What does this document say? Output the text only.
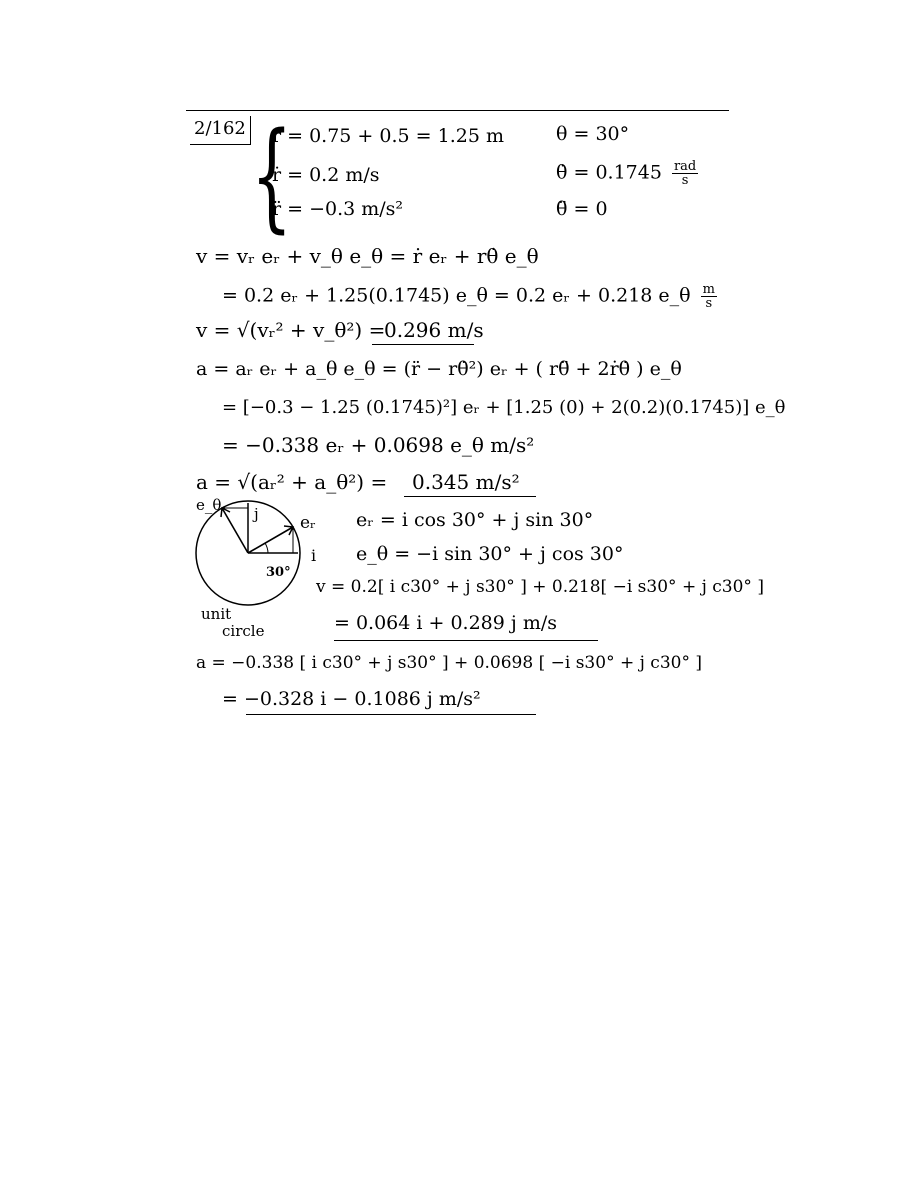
2/162 {
r = 0.75 + 0.5 = 1.25 m
ṙ = 0.2 m/s
r̈ = −0.3 m/s²
θ = 30°
θ̇ = $0.1745 \frac{\text{rad}}{s}$
θ̈ = 0
v = vᵣ eᵣ + v_θ e_θ = ṙ eᵣ + rθ̇ e_θ
= 0.2 eᵣ + 1.25(0.1745) e_θ = 0.2 eᵣ + 0.218 e_θ $\frac{m}{s}$
v = √(vᵣ² + v_θ²) =
0.296 m/s
a = aᵣ eᵣ + a_θ e_θ = (r̈ − rθ̇²) eᵣ + ( rθ̈ + 2ṙθ̇ ) e_θ
= [−0.3 − 1.25 (0.1745)²] eᵣ + [1.25 (0) + 2(0.2)(0.1745)] e_θ
= −0.338 eᵣ + 0.0698 e_θ m/s²
a = √(aᵣ² + a_θ²) = 0.345 m/s²
e_θ
eᵣ
j
i
30°
unit
circle
eᵣ = i cos 30° + j sin 30°
e_θ = −i sin 30° + j cos 30°
v = 0.2[ i c30° + j s30° ] + 0.218[ −i s30° + j c30° ]
= 0.064 i + 0.289 j m/s
a = −0.338 [ i c30° + j s30° ] + 0.0698 [ −i s30° + j c30° ]
= −0.328 i − 0.1086 j m/s²
